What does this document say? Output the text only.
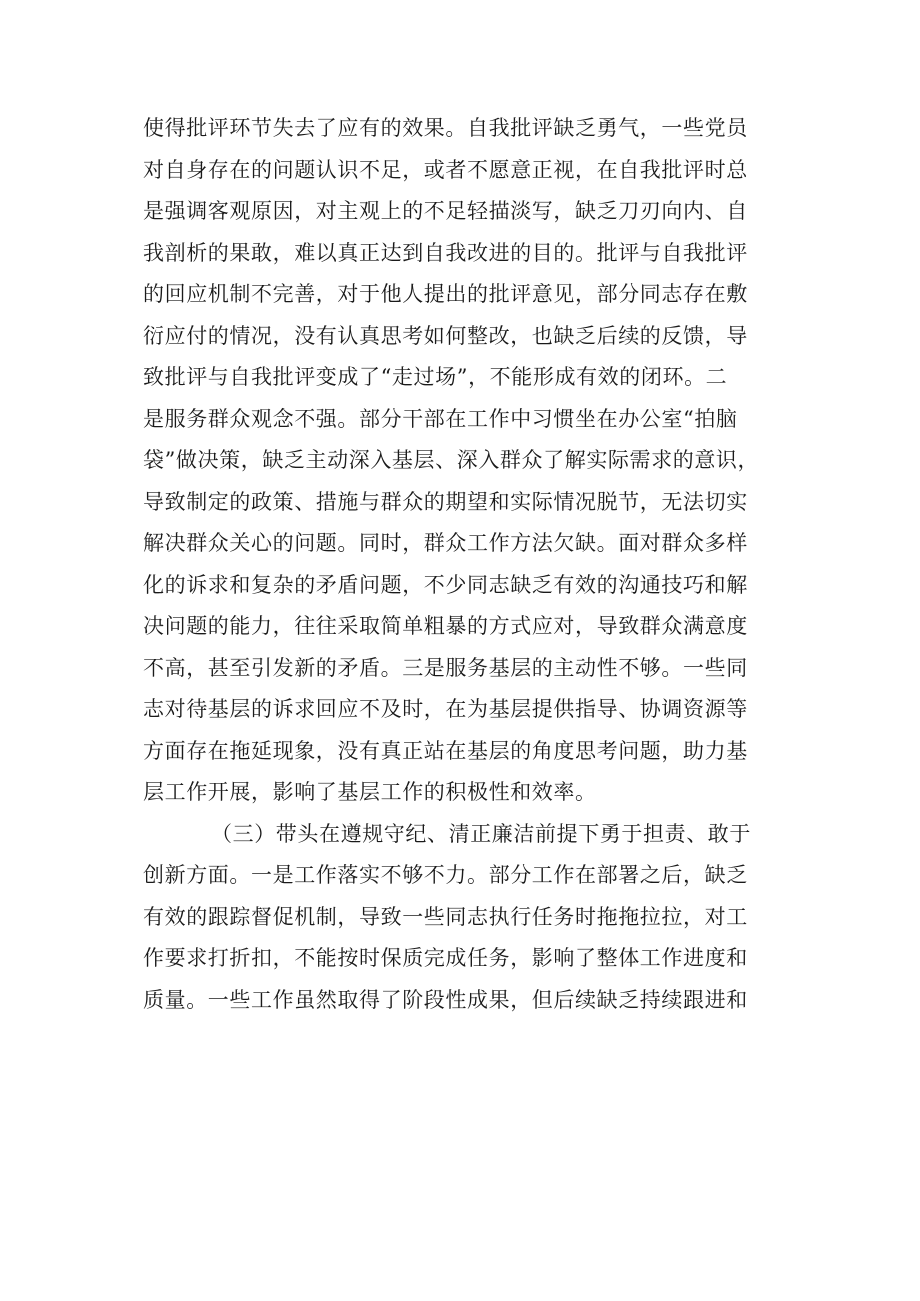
使得批评环节失去了应有的效果。自我批评缺乏勇气，一些党员
对自身存在的问题认识不足，或者不愿意正视，在自我批评时总
是强调客观原因，对主观上的不足轻描淡写，缺乏刀刃向内、自
我剖析的果敢，难以真正达到自我改进的目的。批评与自我批评
的回应机制不完善，对于他人提出的批评意见，部分同志存在敷
衍应付的情况，没有认真思考如何整改，也缺乏后续的反馈，导
致批评与自我批评变成了“走过场”，不能形成有效的闭环。二
是服务群众观念不强。部分干部在工作中习惯坐在办公室“拍脑
袋”做决策，缺乏主动深入基层、深入群众了解实际需求的意识，
导致制定的政策、措施与群众的期望和实际情况脱节，无法切实
解决群众关心的问题。同时，群众工作方法欠缺。面对群众多样
化的诉求和复杂的矛盾问题，不少同志缺乏有效的沟通技巧和解
决问题的能力，往往采取简单粗暴的方式应对，导致群众满意度
不高，甚至引发新的矛盾。三是服务基层的主动性不够。一些同
志对待基层的诉求回应不及时，在为基层提供指导、协调资源等
方面存在拖延现象，没有真正站在基层的角度思考问题，助力基
层工作开展，影响了基层工作的积极性和效率。
（三）带头在遵规守纪、清正廉洁前提下勇于担责、敢于
创新方面。一是工作落实不够不力。部分工作在部署之后，缺乏
有效的跟踪督促机制，导致一些同志执行任务时拖拖拉拉，对工
作要求打折扣，不能按时保质完成任务，影响了整体工作进度和
质量。一些工作虽然取得了阶段性成果，但后续缺乏持续跟进和
